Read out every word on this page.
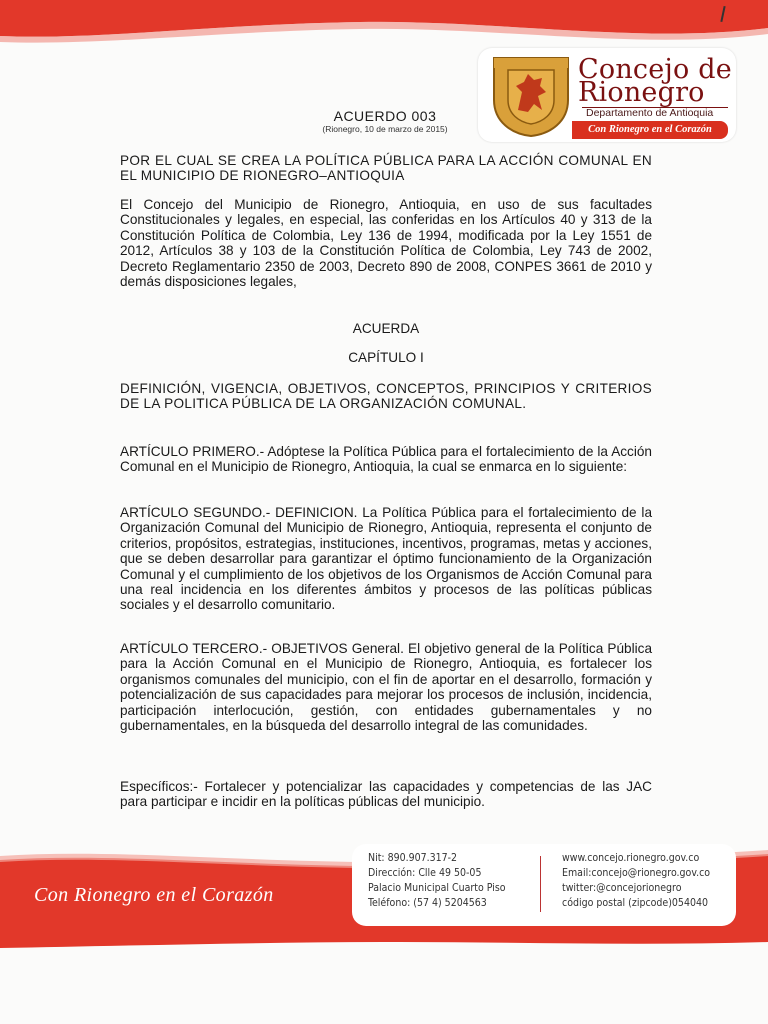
Concejo de
Rionegro
Departamento de Antioquia
Con Rionegro en el Corazón
ACUERDO 003
(Rionegro, 10 de marzo de 2015)
POR EL CUAL SE CREA LA POLÍTICA PÚBLICA PARA LA ACCIÓN COMUNAL EN EL MUNICIPIO DE RIONEGRO–ANTIOQUIA
El Concejo del Municipio de Rionegro, Antioquia, en uso de sus facultades Constitucionales y legales, en especial, las conferidas en los Artículos 40 y 313 de la Constitución Política de Colombia, Ley 136 de 1994, modificada por la Ley 1551 de 2012, Artículos 38 y 103 de la Constitución Política de Colombia, Ley 743 de 2002, Decreto Reglamentario 2350 de 2003, Decreto 890 de 2008, CONPES 3661 de 2010 y demás disposiciones legales,
ACUERDA
CAPÍTULO I
DEFINICIÓN, VIGENCIA, OBJETIVOS, CONCEPTOS, PRINCIPIOS Y CRITERIOS DE LA POLITICA PÚBLICA DE LA ORGANIZACIÓN COMUNAL.
ARTÍCULO PRIMERO.- Adóptese la Política Pública para el fortalecimiento de la Acción Comunal en el Municipio de Rionegro, Antioquia, la cual se enmarca en lo siguiente:
ARTÍCULO SEGUNDO.- DEFINICION. La Política Pública para el fortalecimiento de la Organización Comunal del Municipio de Rionegro, Antioquia, representa el conjunto de criterios, propósitos, estrategias, instituciones, incentivos, programas, metas y acciones, que se deben desarrollar para garantizar el óptimo funcionamiento de la Organización Comunal y el cumplimiento de los objetivos de los Organismos de Acción Comunal para una real incidencia en los diferentes ámbitos y procesos de las políticas públicas sociales y el desarrollo comunitario.
ARTÍCULO TERCERO.- OBJETIVOS General. El objetivo general de la Política Pública para la Acción Comunal en el Municipio de Rionegro, Antioquia, es fortalecer los organismos comunales del municipio, con el fin de aportar en el desarrollo, formación y potencialización de sus capacidades para mejorar los procesos de inclusión, incidencia, participación interlocución, gestión, con entidades gubernamentales y no gubernamentales, en la búsqueda del desarrollo integral de las comunidades.
Específicos:- Fortalecer y potencializar las capacidades y competencias de las JAC para participar e incidir en la políticas públicas del municipio.
Con Rionegro en el Corazón
Nit: 890.907.317-2
Dirección: Clle 49 50-05
Palacio Municipal Cuarto Piso
Teléfono: (57 4) 5204563
www.concejo.rionegro.gov.co
Email:concejo@rionegro.gov.co
twitter:@concejorionegro
código postal (zipcode)054040
